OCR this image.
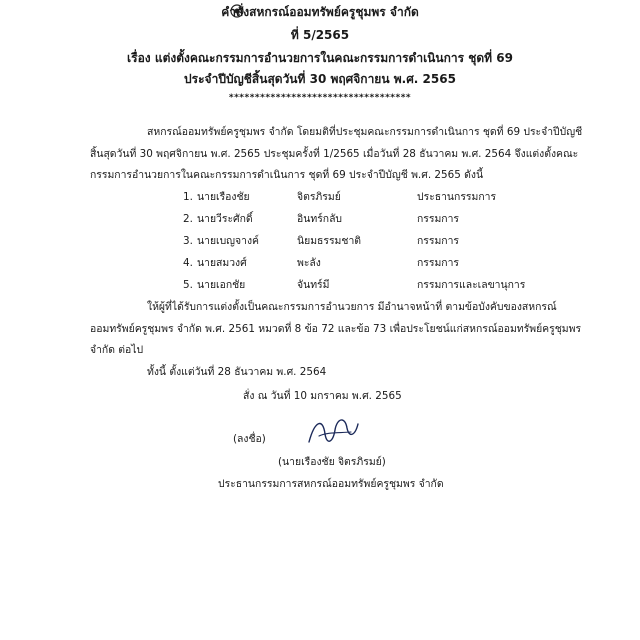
คำสั่งสหกรณ์ออมทรัพย์ครูชุมพร จำกัด
ที่ 5/2565
เรื่อง แต่งตั้งคณะกรรมการอำนวยการในคณะกรรมการดำเนินการ ชุดที่ 69
ประจำปีบัญชีสิ้นสุดวันที่ 30 พฤศจิกายน พ.ศ. 2565
***********************************
สหกรณ์ออมทรัพย์ครูชุมพร จำกัด โดยมติที่ประชุมคณะกรรมการดำเนินการ ชุดที่ 69 ประจำปีบัญชี
สิ้นสุดวันที่ 30 พฤศจิกายน พ.ศ. 2565 ประชุมครั้งที่ 1/2565 เมื่อวันที่ 28 ธันวาคม พ.ศ. 2564 จึงแต่งตั้งคณะ
กรรมการอำนวยการในคณะกรรมการดำเนินการ ชุดที่ 69 ประจำปีบัญชี พ.ศ. 2565 ดังนี้
1. นายเรืองชัย	จิตรภิรมย์	ประธานกรรมการ
2. นายวีระศักดิ์	อินทร์กลับ	กรรมการ
3. นายเบญจางค์	นิยมธรรมชาติ	กรรมการ
4. นายสมวงศ์	พะลัง	กรรมการ
5. นายเอกชัย	จันทร์มี	กรรมการและเลขานุการ
ให้ผู้ที่ได้รับการแต่งตั้งเป็นคณะกรรมการอำนวยการ มีอำนาจหน้าที่ ตามข้อบังคับของสหกรณ์
ออมทรัพย์ครูชุมพร จำกัด พ.ศ. 2561 หมวดที่ 8 ข้อ 72 และข้อ 73 เพื่อประโยชน์แก่สหกรณ์ออมทรัพย์ครูชุมพร
จำกัด ต่อไป
ทั้งนี้ ตั้งแต่วันที่ 28 ธันวาคม พ.ศ. 2564
สั่ง ณ วันที่ 10 มกราคม พ.ศ. 2565
(ลงชื่อ)
(นายเรืองชัย จิตรภิรมย์)
ประธานกรรมการสหกรณ์ออมทรัพย์ครูชุมพร จำกัด
